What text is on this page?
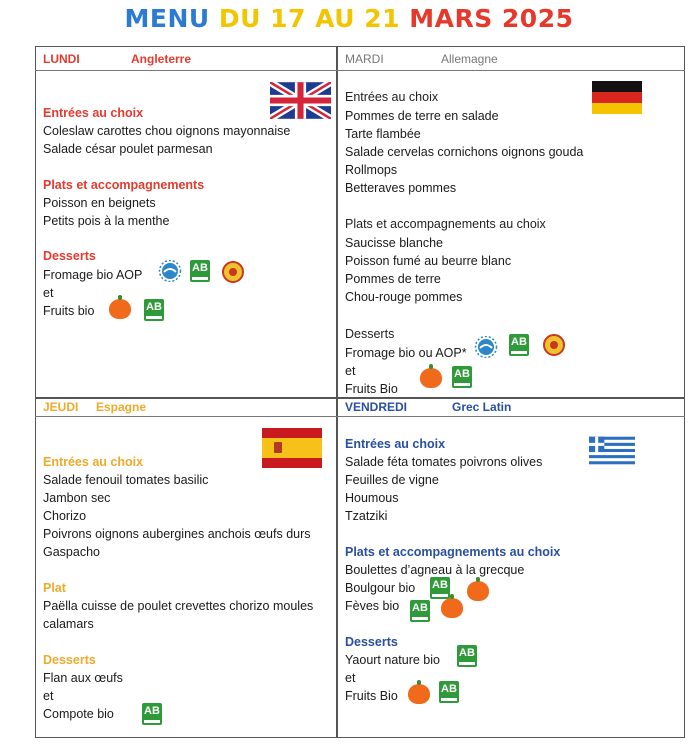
MENU DU 17 AU 21 MARS 2025
LUNDI	Angleterre
Entrées au choix
Coleslaw carottes chou oignons mayonnaise
Salade césar poulet parmesan
Plats et accompagnements
Poisson en beignets
Petits pois à la menthe
Desserts
Fromage bio AOP
et
Fruits bio
AB
AB
MARDI	Allemagne
Entrées au choix
Pommes de terre en salade
Tarte flambée
Salade cervelas cornichons oignons gouda
Rollmops
Betteraves pommes
Plats et accompagnements au choix
Saucisse blanche
Poisson fumé au beurre blanc
Pommes de terre
Chou-rouge pommes
Desserts
Fromage bio ou AOP*
et
Fruits Bio
AB
AB
JEUDI Espagne
Entrées au choix
Salade fenouil tomates basilic
Jambon sec
Chorizo
Poivrons oignons aubergines anchois œufs durs
Gaspacho
Plat
Paëlla cuisse de poulet crevettes chorizo moules
calamars
Desserts
Flan aux œufs
et
Compote bio	AB
VENDREDI	Grec Latin
Entrées au choix
Salade féta tomates poivrons olives
Feuilles de vigne
Houmous
Tzatziki
Plats et accompagnements au choix
Boulettes d’agneau à la grecque
Boulgour bio
Fèves bio
AB
AB
Desserts
Yaourt nature bio
et
Fruits Bio
AB
AB
